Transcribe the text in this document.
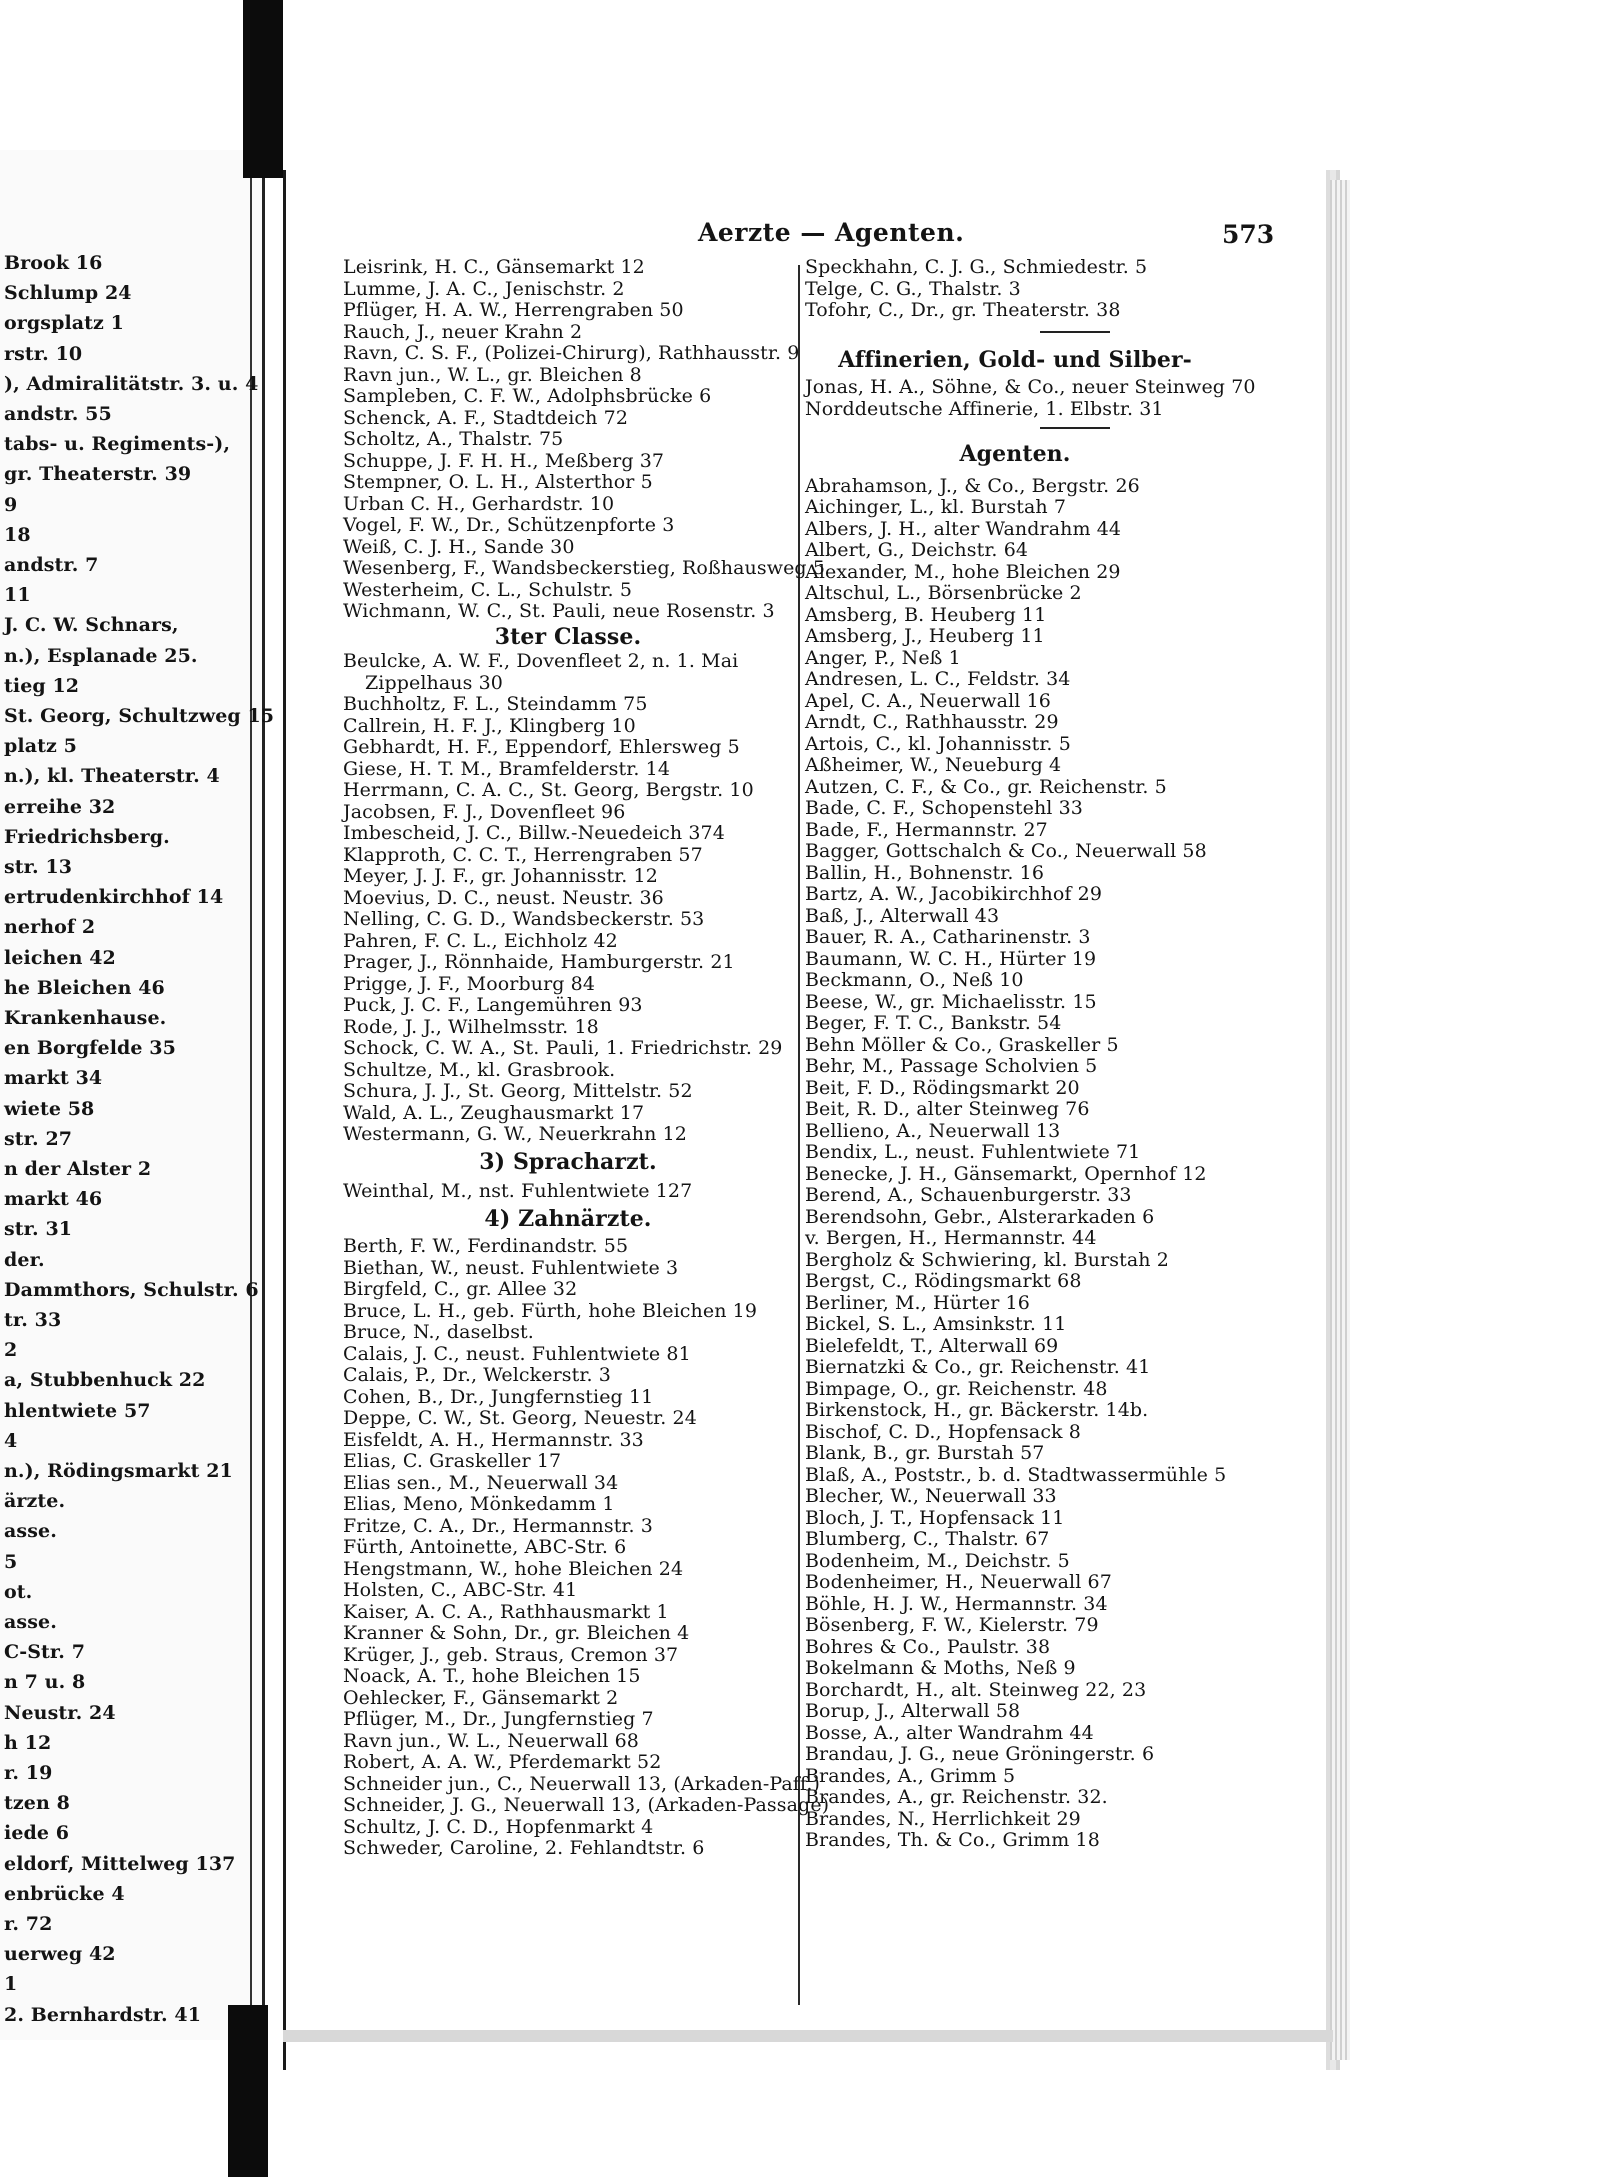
Brook 16
Schlump 24
orgsplatz 1
rstr. 10
), Admiralitätstr. 3. u. 4
andstr. 55
tabs- u. Regiments-),
gr. Theaterstr. 39
9
18
andstr. 7
11
J. C. W. Schnars,
n.), Esplanade 25.
tieg 12
St. Georg, Schultzweg 15
platz 5
n.), kl. Theaterstr. 4
erreihe 32
Friedrichsberg.
str. 13
ertrudenkirchhof 14
nerhof 2
leichen 42
he Bleichen 46
Krankenhause.
en Borgfelde 35
markt 34
wiete 58
str. 27
n der Alster 2
markt 46
str. 31
der.
Dammthors, Schulstr. 6
tr. 33
2
a, Stubbenhuck 22
hlentwiete 57
4
n.), Rödingsmarkt 21
ärzte.
asse.
5
ot.
asse.
C-Str. 7
n 7 u. 8
Neustr. 24
h 12
r. 19
tzen 8
iede 6
eldorf, Mittelweg 137
enbrücke 4
r. 72
uerweg 42
1
2. Bernhardstr. 41
Aerzte — Agenten.	573
Leisrink, H. C., Gänsemarkt 12
Lumme, J. A. C., Jenischstr. 2
Pflüger, H. A. W., Herrengraben 50
Rauch, J., neuer Krahn 2
Ravn, C. S. F., (Polizei-Chirurg), Rathhausstr. 9
Ravn jun., W. L., gr. Bleichen 8
Sampleben, C. F. W., Adolphsbrücke 6
Schenck, A. F., Stadtdeich 72
Scholtz, A., Thalstr. 75
Schuppe, J. F. H. H., Meßberg 37
Stempner, O. L. H., Alsterthor 5
Urban C. H., Gerhardstr. 10
Vogel, F. W., Dr., Schützenpforte 3
Weiß, C. J. H., Sande 30
Wesenberg, F., Wandsbeckerstieg, Roßhausweg 5
Westerheim, C. L., Schulstr. 5
Wichmann, W. C., St. Pauli, neue Rosenstr. 3
3ter Classe.
Beulcke, A. W. F., Dovenfleet 2, n. 1. Mai
Zippelhaus 30
Buchholtz, F. L., Steindamm 75
Callrein, H. F. J., Klingberg 10
Gebhardt, H. F., Eppendorf, Ehlersweg 5
Giese, H. T. M., Bramfelderstr. 14
Herrmann, C. A. C., St. Georg, Bergstr. 10
Jacobsen, F. J., Dovenfleet 96
Imbescheid, J. C., Billw.-Neuedeich 374
Klapproth, C. C. T., Herrengraben 57
Meyer, J. J. F., gr. Johannisstr. 12
Moevius, D. C., neust. Neustr. 36
Nelling, C. G. D., Wandsbeckerstr. 53
Pahren, F. C. L., Eichholz 42
Prager, J., Rönnhaide, Hamburgerstr. 21
Prigge, J. F., Moorburg 84
Puck, J. C. F., Langemühren 93
Rode, J. J., Wilhelmsstr. 18
Schock, C. W. A., St. Pauli, 1. Friedrichstr. 29
Schultze, M., kl. Grasbrook.
Schura, J. J., St. Georg, Mittelstr. 52
Wald, A. L., Zeughausmarkt 17
Westermann, G. W., Neuerkrahn 12
3) Spracharzt.
Weinthal, M., nst. Fuhlentwiete 127
4) Zahnärzte.
Berth, F. W., Ferdinandstr. 55
Biethan, W., neust. Fuhlentwiete 3
Birgfeld, C., gr. Allee 32
Bruce, L. H., geb. Fürth, hohe Bleichen 19
Bruce, N., daselbst.
Calais, J. C., neust. Fuhlentwiete 81
Calais, P., Dr., Welckerstr. 3
Cohen, B., Dr., Jungfernstieg 11
Deppe, C. W., St. Georg, Neuestr. 24
Eisfeldt, A. H., Hermannstr. 33
Elias, C. Graskeller 17
Elias sen., M., Neuerwall 34
Elias, Meno, Mönkedamm 1
Fritze, C. A., Dr., Hermannstr. 3
Fürth, Antoinette, ABC-Str. 6
Hengstmann, W., hohe Bleichen 24
Holsten, C., ABC-Str. 41
Kaiser, A. C. A., Rathhausmarkt 1
Kranner & Sohn, Dr., gr. Bleichen 4
Krüger, J., geb. Straus, Cremon 37
Noack, A. T., hohe Bleichen 15
Oehlecker, F., Gänsemarkt 2
Pflüger, M., Dr., Jungfernstieg 7
Ravn jun., W. L., Neuerwall 68
Robert, A. A. W., Pferdemarkt 52
Schneider jun., C., Neuerwall 13, (Arkaden-Paff.)
Schneider, J. G., Neuerwall 13, (Arkaden-Passage)
Schultz, J. C. D., Hopfenmarkt 4
Schweder, Caroline, 2. Fehlandtstr. 6
Speckhahn, C. J. G., Schmiedestr. 5
Telge, C. G., Thalstr. 3
Tofohr, C., Dr., gr. Theaterstr. 38
Affinerien, Gold- und Silber-
Jonas, H. A., Söhne, & Co., neuer Steinweg 70
Norddeutsche Affinerie, 1. Elbstr. 31
Agenten.
Abrahamson, J., & Co., Bergstr. 26
Aichinger, L., kl. Burstah 7
Albers, J. H., alter Wandrahm 44
Albert, G., Deichstr. 64
Alexander, M., hohe Bleichen 29
Altschul, L., Börsenbrücke 2
Amsberg, B. Heuberg 11
Amsberg, J., Heuberg 11
Anger, P., Neß 1
Andresen, L. C., Feldstr. 34
Apel, C. A., Neuerwall 16
Arndt, C., Rathhausstr. 29
Artois, C., kl. Johannisstr. 5
Aßheimer, W., Neueburg 4
Autzen, C. F., & Co., gr. Reichenstr. 5
Bade, C. F., Schopenstehl 33
Bade, F., Hermannstr. 27
Bagger, Gottschalch & Co., Neuerwall 58
Ballin, H., Bohnenstr. 16
Bartz, A. W., Jacobikirchhof 29
Baß, J., Alterwall 43
Bauer, R. A., Catharinenstr. 3
Baumann, W. C. H., Hürter 19
Beckmann, O., Neß 10
Beese, W., gr. Michaelisstr. 15
Beger, F. T. C., Bankstr. 54
Behn Möller & Co., Graskeller 5
Behr, M., Passage Scholvien 5
Beit, F. D., Rödingsmarkt 20
Beit, R. D., alter Steinweg 76
Bellieno, A., Neuerwall 13
Bendix, L., neust. Fuhlentwiete 71
Benecke, J. H., Gänsemarkt, Opernhof 12
Berend, A., Schauenburgerstr. 33
Berendsohn, Gebr., Alsterarkaden 6
v. Bergen, H., Hermannstr. 44
Bergholz & Schwiering, kl. Burstah 2
Bergst, C., Rödingsmarkt 68
Berliner, M., Hürter 16
Bickel, S. L., Amsinkstr. 11
Bielefeldt, T., Alterwall 69
Biernatzki & Co., gr. Reichenstr. 41
Bimpage, O., gr. Reichenstr. 48
Birkenstock, H., gr. Bäckerstr. 14b.
Bischof, C. D., Hopfensack 8
Blank, B., gr. Burstah 57
Blaß, A., Poststr., b. d. Stadtwassermühle 5
Blecher, W., Neuerwall 33
Bloch, J. T., Hopfensack 11
Blumberg, C., Thalstr. 67
Bodenheim, M., Deichstr. 5
Bodenheimer, H., Neuerwall 67
Böhle, H. J. W., Hermannstr. 34
Bösenberg, F. W., Kielerstr. 79
Bohres & Co., Paulstr. 38
Bokelmann & Moths, Neß 9
Borchardt, H., alt. Steinweg 22, 23
Borup, J., Alterwall 58
Bosse, A., alter Wandrahm 44
Brandau, J. G., neue Gröningerstr. 6
Brandes, A., Grimm 5
Brandes, A., gr. Reichenstr. 32.
Brandes, N., Herrlichkeit 29
Brandes, Th. & Co., Grimm 18
